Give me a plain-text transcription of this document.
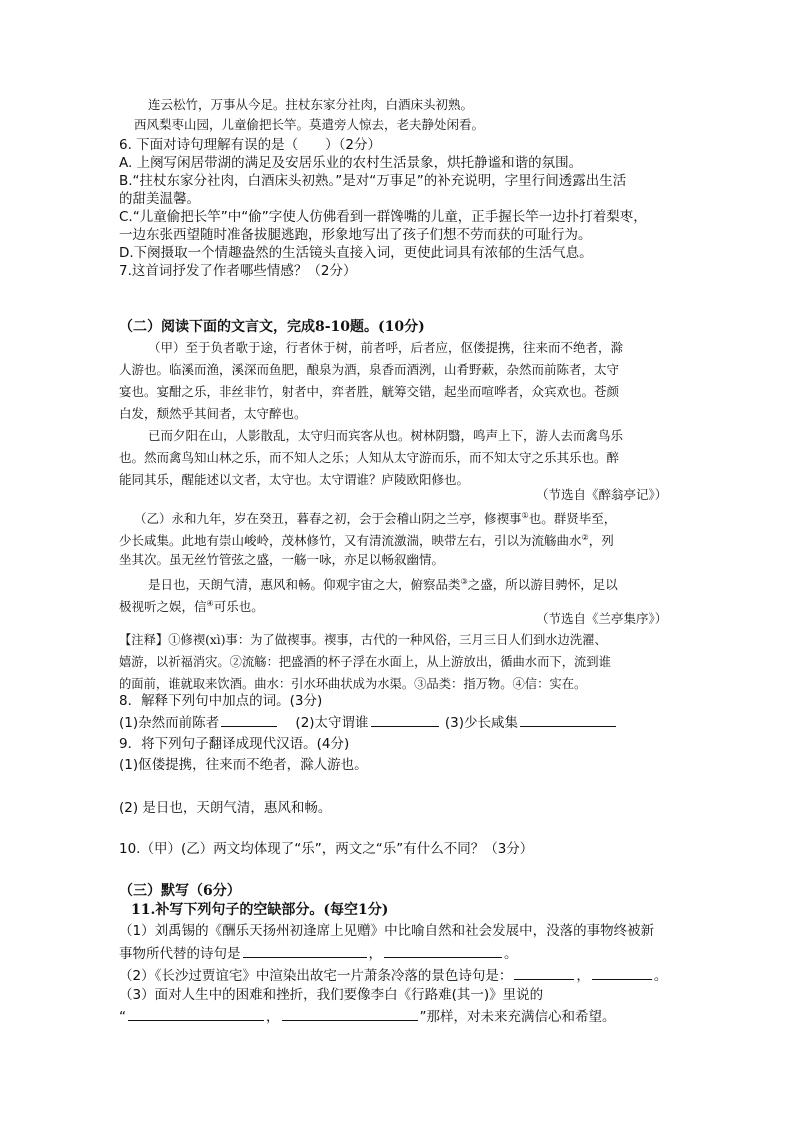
连云松竹，万事从今足。拄杖东家分社肉，白酒床头初熟。
西风梨枣山园，儿童偷把长竿。莫遣旁人惊去，老夫静处闲看。
6. 下面对诗句理解有误的是（　　）（2分）
A. 上阕写闲居带湖的满足及安居乐业的农村生活景象，烘托静谧和谐的氛围。
B.“拄杖东家分社肉，白酒床头初熟。”是对“万事足”的补充说明，字里行间透露出生活
的甜美温馨。
C.“儿童偷把长竿”中“偷”字使人仿佛看到一群馋嘴的儿童，正手握长竿一边扑打着梨枣，
一边东张西望随时准备拔腿逃跑，形象地写出了孩子们想不劳而获的可耻行为。
D.下阕摄取一个情趣盎然的生活镜头直接入词，更使此词具有浓郁的生活气息。
7.这首词抒发了作者哪些情感？（2分）
（二）阅读下面的文言文，完成8-10题。(10分)
（甲）至于负者歌于途，行者休于树，前者呼，后者应，伛偻提携，往来而不绝者，滁
人游也。临溪而渔，溪深而鱼肥，酿泉为酒，泉香而酒洌，山肴野蔌，杂然而前陈者，太守
宴也。宴酣之乐，非丝非竹，射者中，弈者胜，觥筹交错，起坐而喧哗者，众宾欢也。苍颜
白发，颓然乎其间者，太守醉也。
已而夕阳在山，人影散乱，太守归而宾客从也。树林阴翳，鸣声上下，游人去而禽鸟乐
也。然而禽鸟知山林之乐，而不知人之乐；人知从太守游而乐，而不知太守之乐其乐也。醉
能同其乐，醒能述以文者，太守也。太守谓谁？庐陵欧阳修也。
（节选自《醉翁亭记》）
（乙）永和九年，岁在癸丑，暮春之初，会于会稽山阴之兰亭，修禊事①也。群贤毕至，
少长咸集。此地有崇山峻岭，茂林修竹，又有清流激湍，映带左右，引以为流觞曲水②，列
坐其次。虽无丝竹管弦之盛，一觞一咏，亦足以畅叙幽情。
是日也，天朗气清，惠风和畅。仰观宇宙之大，俯察品类③之盛，所以游目骋怀，足以
极视听之娱，信④可乐也。
（节选自《兰亭集序》）
【注释】①修禊(xì)事：为了做禊事。禊事，古代的一种风俗，三月三日人们到水边洗濯、
嬉游，以祈福消灾。②流觞：把盛酒的杯子浮在水面上，从上游放出，循曲水而下，流到谁
的面前，谁就取来饮酒。曲水：引水环曲状成为水渠。③品类：指万物。④信：实在。
8．解释下列句中加点的词。(3分)
(1)杂然而前陈者	(2)太守谓谁	(3)少长咸集
9．将下列句子翻译成现代汉语。(4分)
(1)伛偻提携，往来而不绝者，滁人游也。
(2) 是日也，天朗气清，惠风和畅。
10.（甲）(乙）两文均体现了“乐”，两文之“乐”有什么不同？（3分）
（三）默写（6分）
11.补写下列句子的空缺部分。(每空1分)
（1）刘禹锡的《酬乐天扬州初逢席上见赠》中比喻自然和社会发展中，没落的事物终被新
事物所代替的诗句是	，	。
（2）《长沙过贾谊宅》中渲染出故宅一片萧条冷落的景色诗句是：	，	。
（3）面对人生中的困难和挫折，我们要像李白《行路难(其一)》里说的
“	，	”那样，对未来充满信心和希望。
